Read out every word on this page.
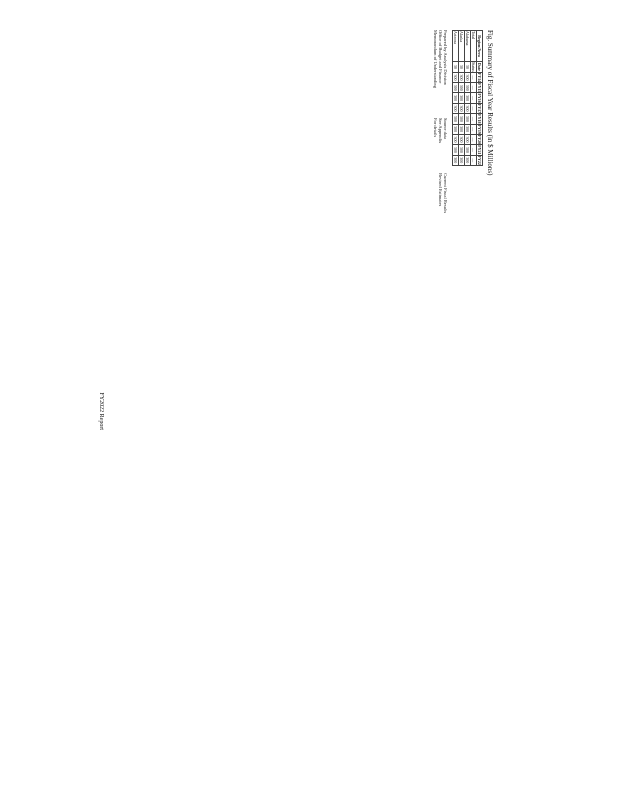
Fig. Summary of Fiscal Year Results (in $ Millions)
Region/Area	Date	FY14	FY15	FY16	FY17	FY18	FY19	FY20	FY21	FY22
Total	Status	—	—	—	—	—	—	—	—	—
Alabama	30	300	300	300	300	300	300	300	300	300
Alaska	30	300	300	300	300	300	300	300	300	300
Arizona	30	300	300	300	300	300	300	300	300	300
Prepared by Analysis Division
Office of Budget and Finance
Memorandum of Understanding
Source data
See Appendix
For details
Current Fiscal Results
Revised Estimates
FY2022 Report
